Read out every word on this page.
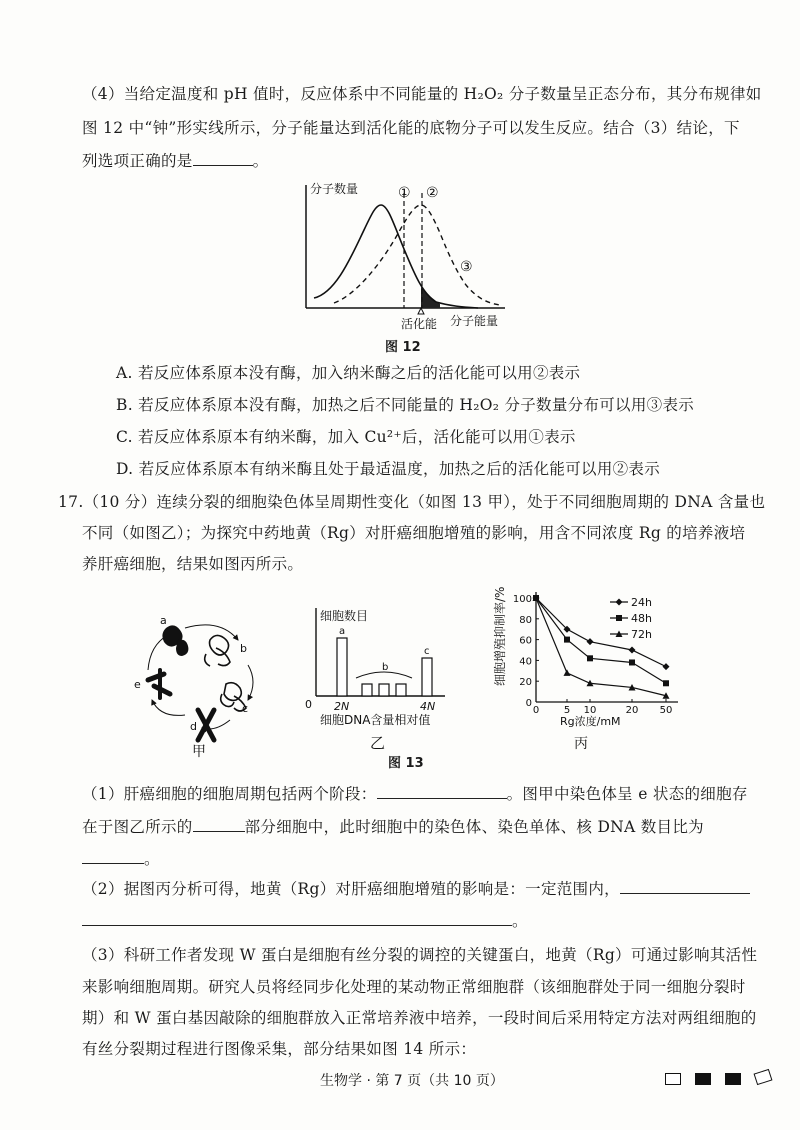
（4）当给定温度和 pH 值时，反应体系中不同能量的 H₂O₂ 分子数量呈正态分布，其分布规律如
图 12 中“钟”形实线所示，分子能量达到活化能的底物分子可以发生反应。结合（3）结论，下
列选项正确的是	。
分子数量	① ②
③
活化能 分子能量
图 12
A. 若反应体系原本没有酶，加入纳米酶之后的活化能可以用②表示
B. 若反应体系原本没有酶，加热之后不同能量的 H₂O₂ 分子数量分布可以用③表示
C. 若反应体系原本有纳米酶，加入 Cu²⁺后，活化能可以用①表示
D. 若反应体系原本有纳米酶且处于最适温度，加热之后的活化能可以用②表示
17.（10 分）连续分裂的细胞染色体呈周期性变化（如图 13 甲），处于不同细胞周期的 DNA 含量也
不同（如图乙）；为探究中药地黄（Rg）对肝癌细胞增殖的影响，用含不同浓度 Rg 的培养液培
养肝癌细胞，结果如图丙所示。
a
b
c
d
e
甲
细胞数目
a
b
c
0 2N	4N
细胞DNA含量相对值
乙
0
20
40
60
80
100
0 5 10	20 50
24h
48h
72h
细胞增殖抑制率/%
Rg浓度/mM
丙
图 13
（1）肝癌细胞的细胞周期包括两个阶段：	。图甲中染色体呈 e 状态的细胞存
在于图乙所示的	部分细胞中，此时细胞中的染色体、染色单体、核 DNA 数目比为
。
（2）据图丙分析可得，地黄（Rg）对肝癌细胞增殖的影响是：一定范围内，
。
（3）科研工作者发现 W 蛋白是细胞有丝分裂的调控的关键蛋白，地黄（Rg）可通过影响其活性
来影响细胞周期。研究人员将经同步化处理的某动物正常细胞群（该细胞群处于同一细胞分裂时
期）和 W 蛋白基因敲除的细胞群放入正常培养液中培养，一段时间后采用特定方法对两组细胞的
有丝分裂期过程进行图像采集，部分结果如图 14 所示：
生物学 · 第 7 页（共 10 页）
